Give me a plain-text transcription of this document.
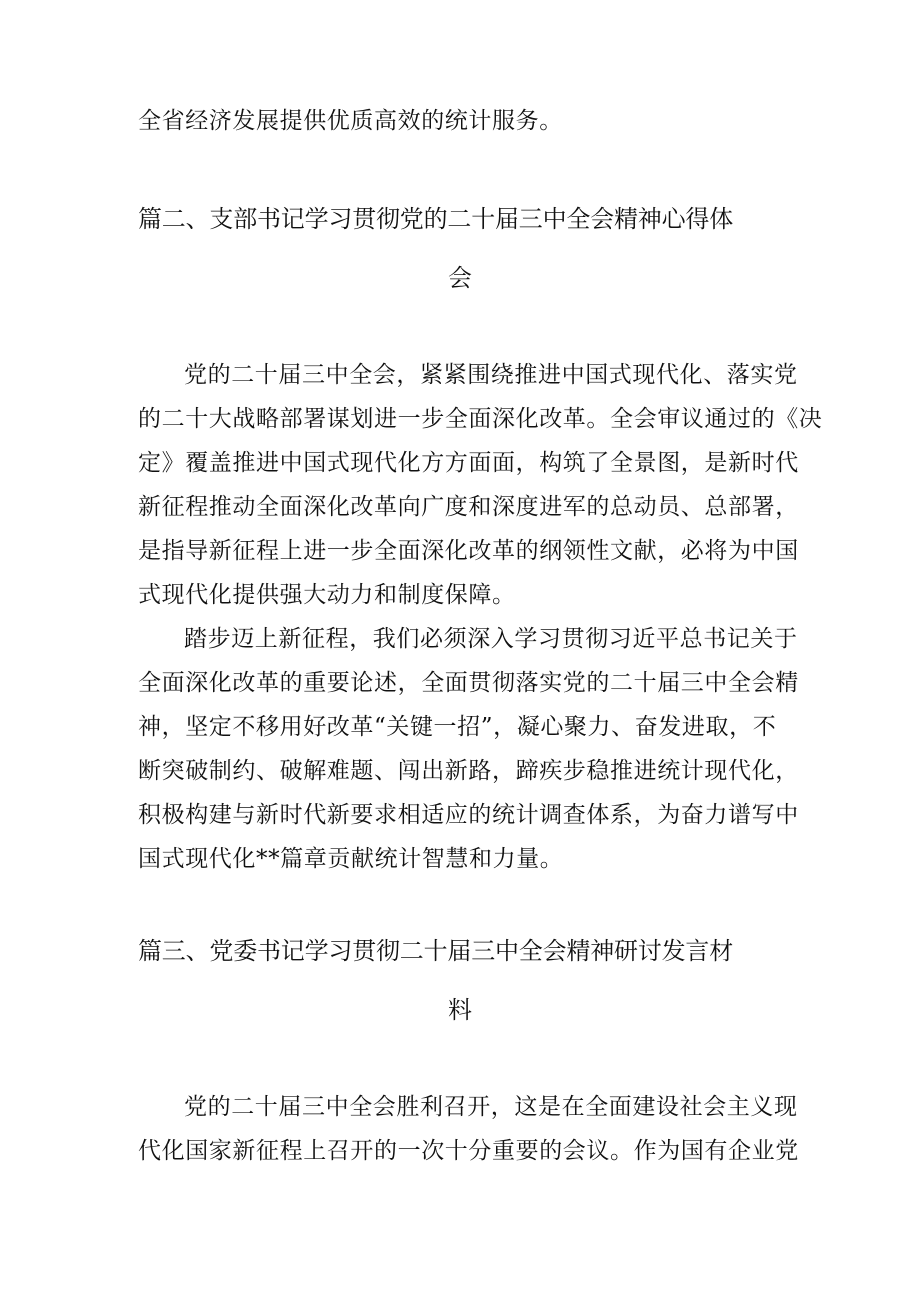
全省经济发展提供优质高效的统计服务。
篇二、支部书记学习贯彻党的二十届三中全会精神心得体
会
党的二十届三中全会，紧紧围绕推进中国式现代化、落实党
的二十大战略部署谋划进一步全面深化改革。全会审议通过的《决
定》覆盖推进中国式现代化方方面面，构筑了全景图，是新时代
新征程推动全面深化改革向广度和深度进军的总动员、总部署，
是指导新征程上进一步全面深化改革的纲领性文献，必将为中国
式现代化提供强大动力和制度保障。
踏步迈上新征程，我们必须深入学习贯彻习近平总书记关于
全面深化改革的重要论述，全面贯彻落实党的二十届三中全会精
神，坚定不移用好改革“关键一招”，凝心聚力、奋发进取，不
断突破制约、破解难题、闯出新路，蹄疾步稳推进统计现代化，
积极构建与新时代新要求相适应的统计调查体系，为奋力谱写中
国式现代化**篇章贡献统计智慧和力量。
篇三、党委书记学习贯彻二十届三中全会精神研讨发言材
料
党的二十届三中全会胜利召开，这是在全面建设社会主义现
代化国家新征程上召开的一次十分重要的会议。作为国有企业党
